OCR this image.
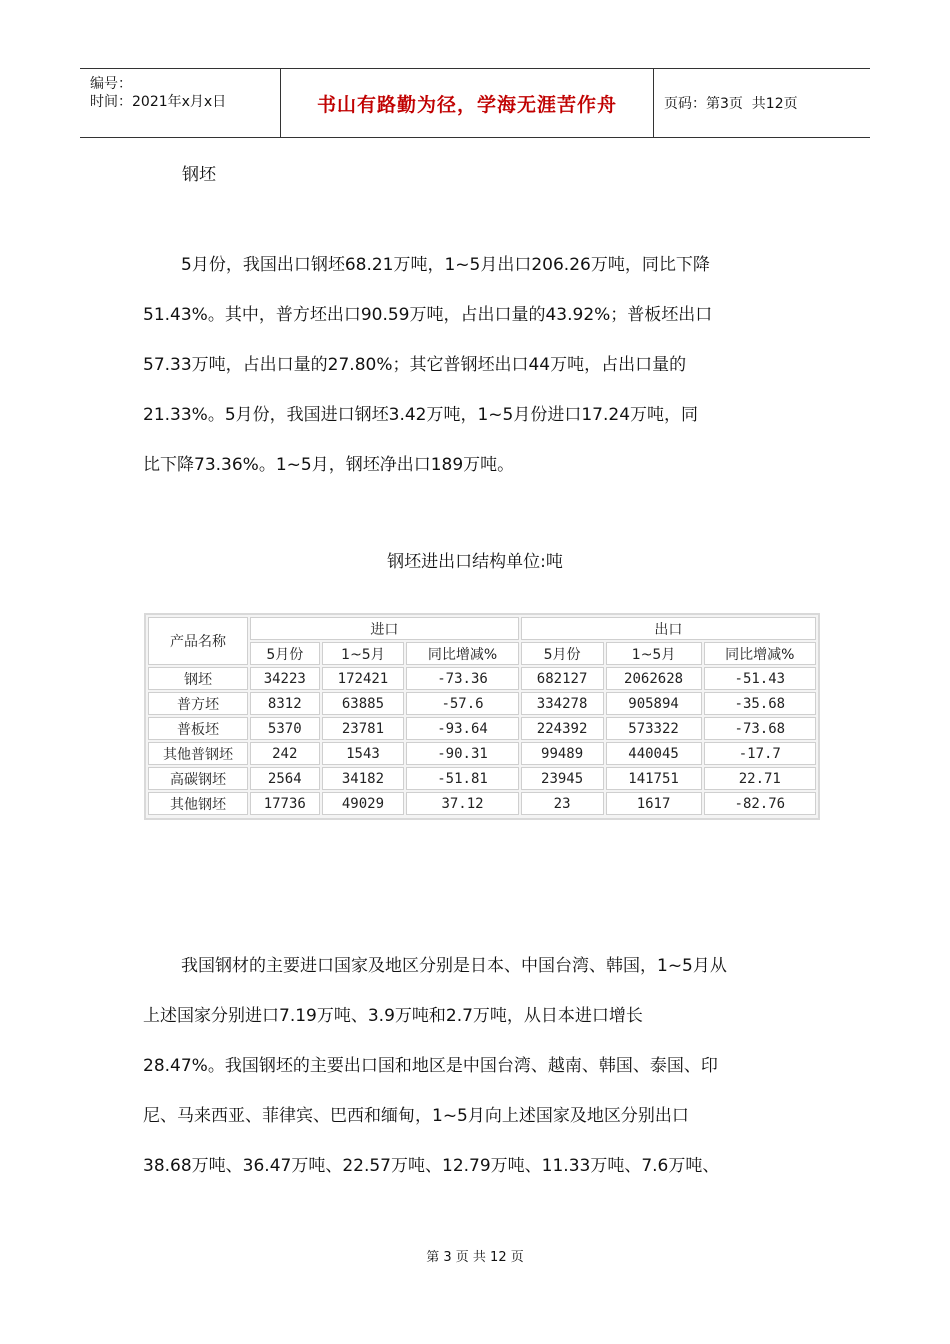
编号：
时间：2021年x月x日	书山有路勤为径，学海无涯苦作舟	页码：第3页  共12页
钢坯
5月份，我国出口钢坯68.21万吨，1~5月出口206.26万吨，同比下降
51.43%。其中，普方坯出口90.59万吨，占出口量的43.92%；普板坯出口
57.33万吨，占出口量的27.80%；其它普钢坯出口44万吨，占出口量的
21.33%。5月份，我国进口钢坯3.42万吨，1~5月份进口17.24万吨，同
比下降73.36%。1~5月，钢坯净出口189万吨。
钢坯进出口结构单位:吨
产品名称	进口			出口		
	5月份	1~5月	同比增减%	5月份	1~5月	同比增减%
钢坯	34223	172421	-73.36	682127	2062628	-51.43
普方坯	8312	63885	-57.6	334278	905894	-35.68
普板坯	5370	23781	-93.64	224392	573322	-73.68
其他普钢坯	242	1543	-90.31	99489	440045	-17.7
高碳钢坯	2564	34182	-51.81	23945	141751	22.71
其他钢坯	17736	49029	37.12	23	1617	-82.76
我国钢材的主要进口国家及地区分别是日本、中国台湾、韩国，1~5月从
上述国家分别进口7.19万吨、3.9万吨和2.7万吨，从日本进口增长
28.47%。我国钢坯的主要出口国和地区是中国台湾、越南、韩国、泰国、印
尼、马来西亚、菲律宾、巴西和缅甸，1~5月向上述国家及地区分别出口
38.68万吨、36.47万吨、22.57万吨、12.79万吨、11.33万吨、7.6万吨、
第 3 页 共 12 页
